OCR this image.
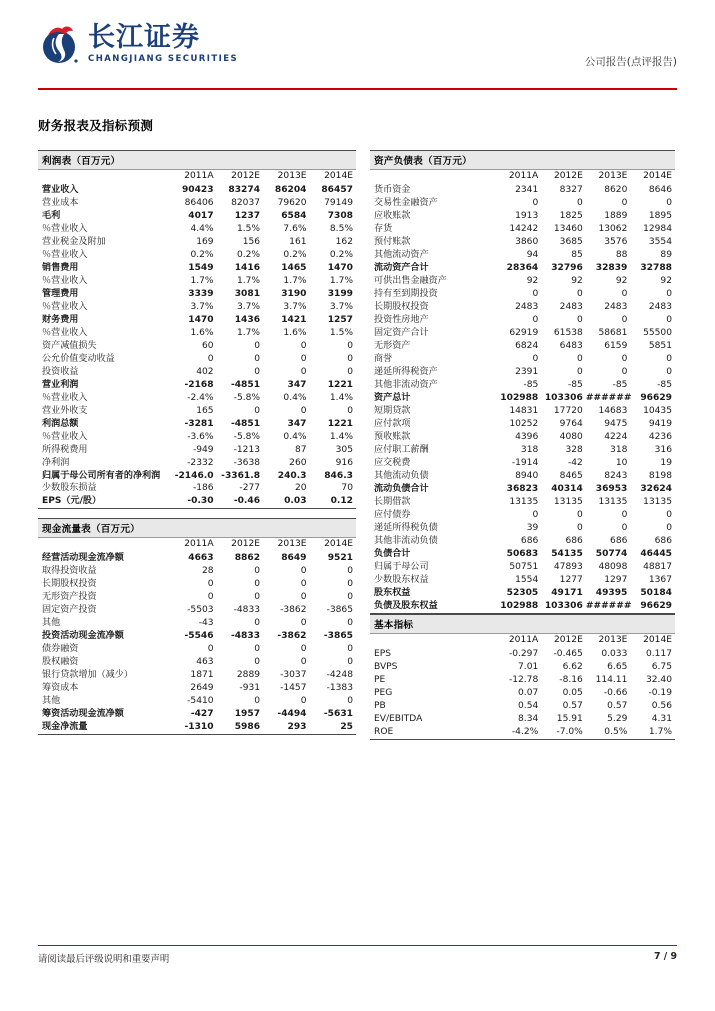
长江证券
CHANGJIANG SECURITIES	公司报告(点评报告)
财务报表及指标预测
利润表（百万元）
	2011A	2012E	2013E	2014E
营业收入	90423	83274	86204	86457
营业成本	86406	82037	79620	79149
毛利	4017	1237	6584	7308
％营业收入	4.4%	1.5%	7.6%	8.5%
营业税金及附加	169	156	161	162
％营业收入	0.2%	0.2%	0.2%	0.2%
销售费用	1549	1416	1465	1470
％营业收入	1.7%	1.7%	1.7%	1.7%
管理费用	3339	3081	3190	3199
％营业收入	3.7%	3.7%	3.7%	3.7%
财务费用	1470	1436	1421	1257
％营业收入	1.6%	1.7%	1.6%	1.5%
资产减值损失	60	0	0	0
公允价值变动收益	0	0	0	0
投资收益	402	0	0	0
营业利润	-2168	-4851	347	1221
％营业收入	-2.4%	-5.8%	0.4%	1.4%
营业外收支	165	0	0	0
利润总额	-3281	-4851	347	1221
％营业收入	-3.6%	-5.8%	0.4%	1.4%
所得税费用	-949	-1213	87	305
净利润	-2332	-3638	260	916
归属于母公司所有者的净利润	-2146.0	-3361.8	240.3	846.3
少数股东损益	-186	-277	20	70
EPS（元/股）	-0.30	-0.46	0.03	0.12
现金流量表（百万元）
	2011A	2012E	2013E	2014E
经营活动现金流净额	4663	8862	8649	9521
取得投资收益	28	0	0	0
长期股权投资	0	0	0	0
无形资产投资	0	0	0	0
固定资产投资	-5503	-4833	-3862	-3865
其他	-43	0	0	0
投资活动现金流净额	-5546	-4833	-3862	-3865
债券融资	0	0	0	0
股权融资	463	0	0	0
银行贷款增加（减少）	1871	2889	-3037	-4248
筹资成本	2649	-931	-1457	-1383
其他	-5410	0	0	0
筹资活动现金流净额	-427	1957	-4494	-5631
现金净流量	-1310	5986	293	25
资产负债表（百万元）
	2011A	2012E	2013E	2014E
货币资金	2341	8327	8620	8646
交易性金融资产	0	0	0	0
应收账款	1913	1825	1889	1895
存货	14242	13460	13062	12984
预付账款	3860	3685	3576	3554
其他流动资产	94	85	88	89
流动资产合计	28364	32796	32839	32788
可供出售金融资产	92	92	92	92
持有至到期投资	0	0	0	0
长期股权投资	2483	2483	2483	2483
投资性房地产	0	0	0	0
固定资产合计	62919	61538	58681	55500
无形资产	6824	6483	6159	5851
商誉	0	0	0	0
递延所得税资产	2391	0	0	0
其他非流动资产	-85	-85	-85	-85
资产总计	102988	103306	######	96629
短期贷款	14831	17720	14683	10435
应付款项	10252	9764	9475	9419
预收账款	4396	4080	4224	4236
应付职工薪酬	318	328	318	316
应交税费	-1914	-42	10	19
其他流动负债	8940	8465	8243	8198
流动负债合计	36823	40314	36953	32624
长期借款	13135	13135	13135	13135
应付债券	0	0	0	0
递延所得税负债	39	0	0	0
其他非流动负债	686	686	686	686
负债合计	50683	54135	50774	46445
归属于母公司	50751	47893	48098	48817
少数股东权益	1554	1277	1297	1367
股东权益	52305	49171	49395	50184
负债及股东权益	102988	103306	######	96629
基本指标
	2011A	2012E	2013E	2014E
EPS	-0.297	-0.465	0.033	0.117
BVPS	7.01	6.62	6.65	6.75
PE	-12.78	-8.16	114.11	32.40
PEG	0.07	0.05	-0.66	-0.19
PB	0.54	0.57	0.57	0.56
EV/EBITDA	8.34	15.91	5.29	4.31
ROE	-4.2%	-7.0%	0.5%	1.7%
请阅读最后评级说明和重要声明	7 / 9
